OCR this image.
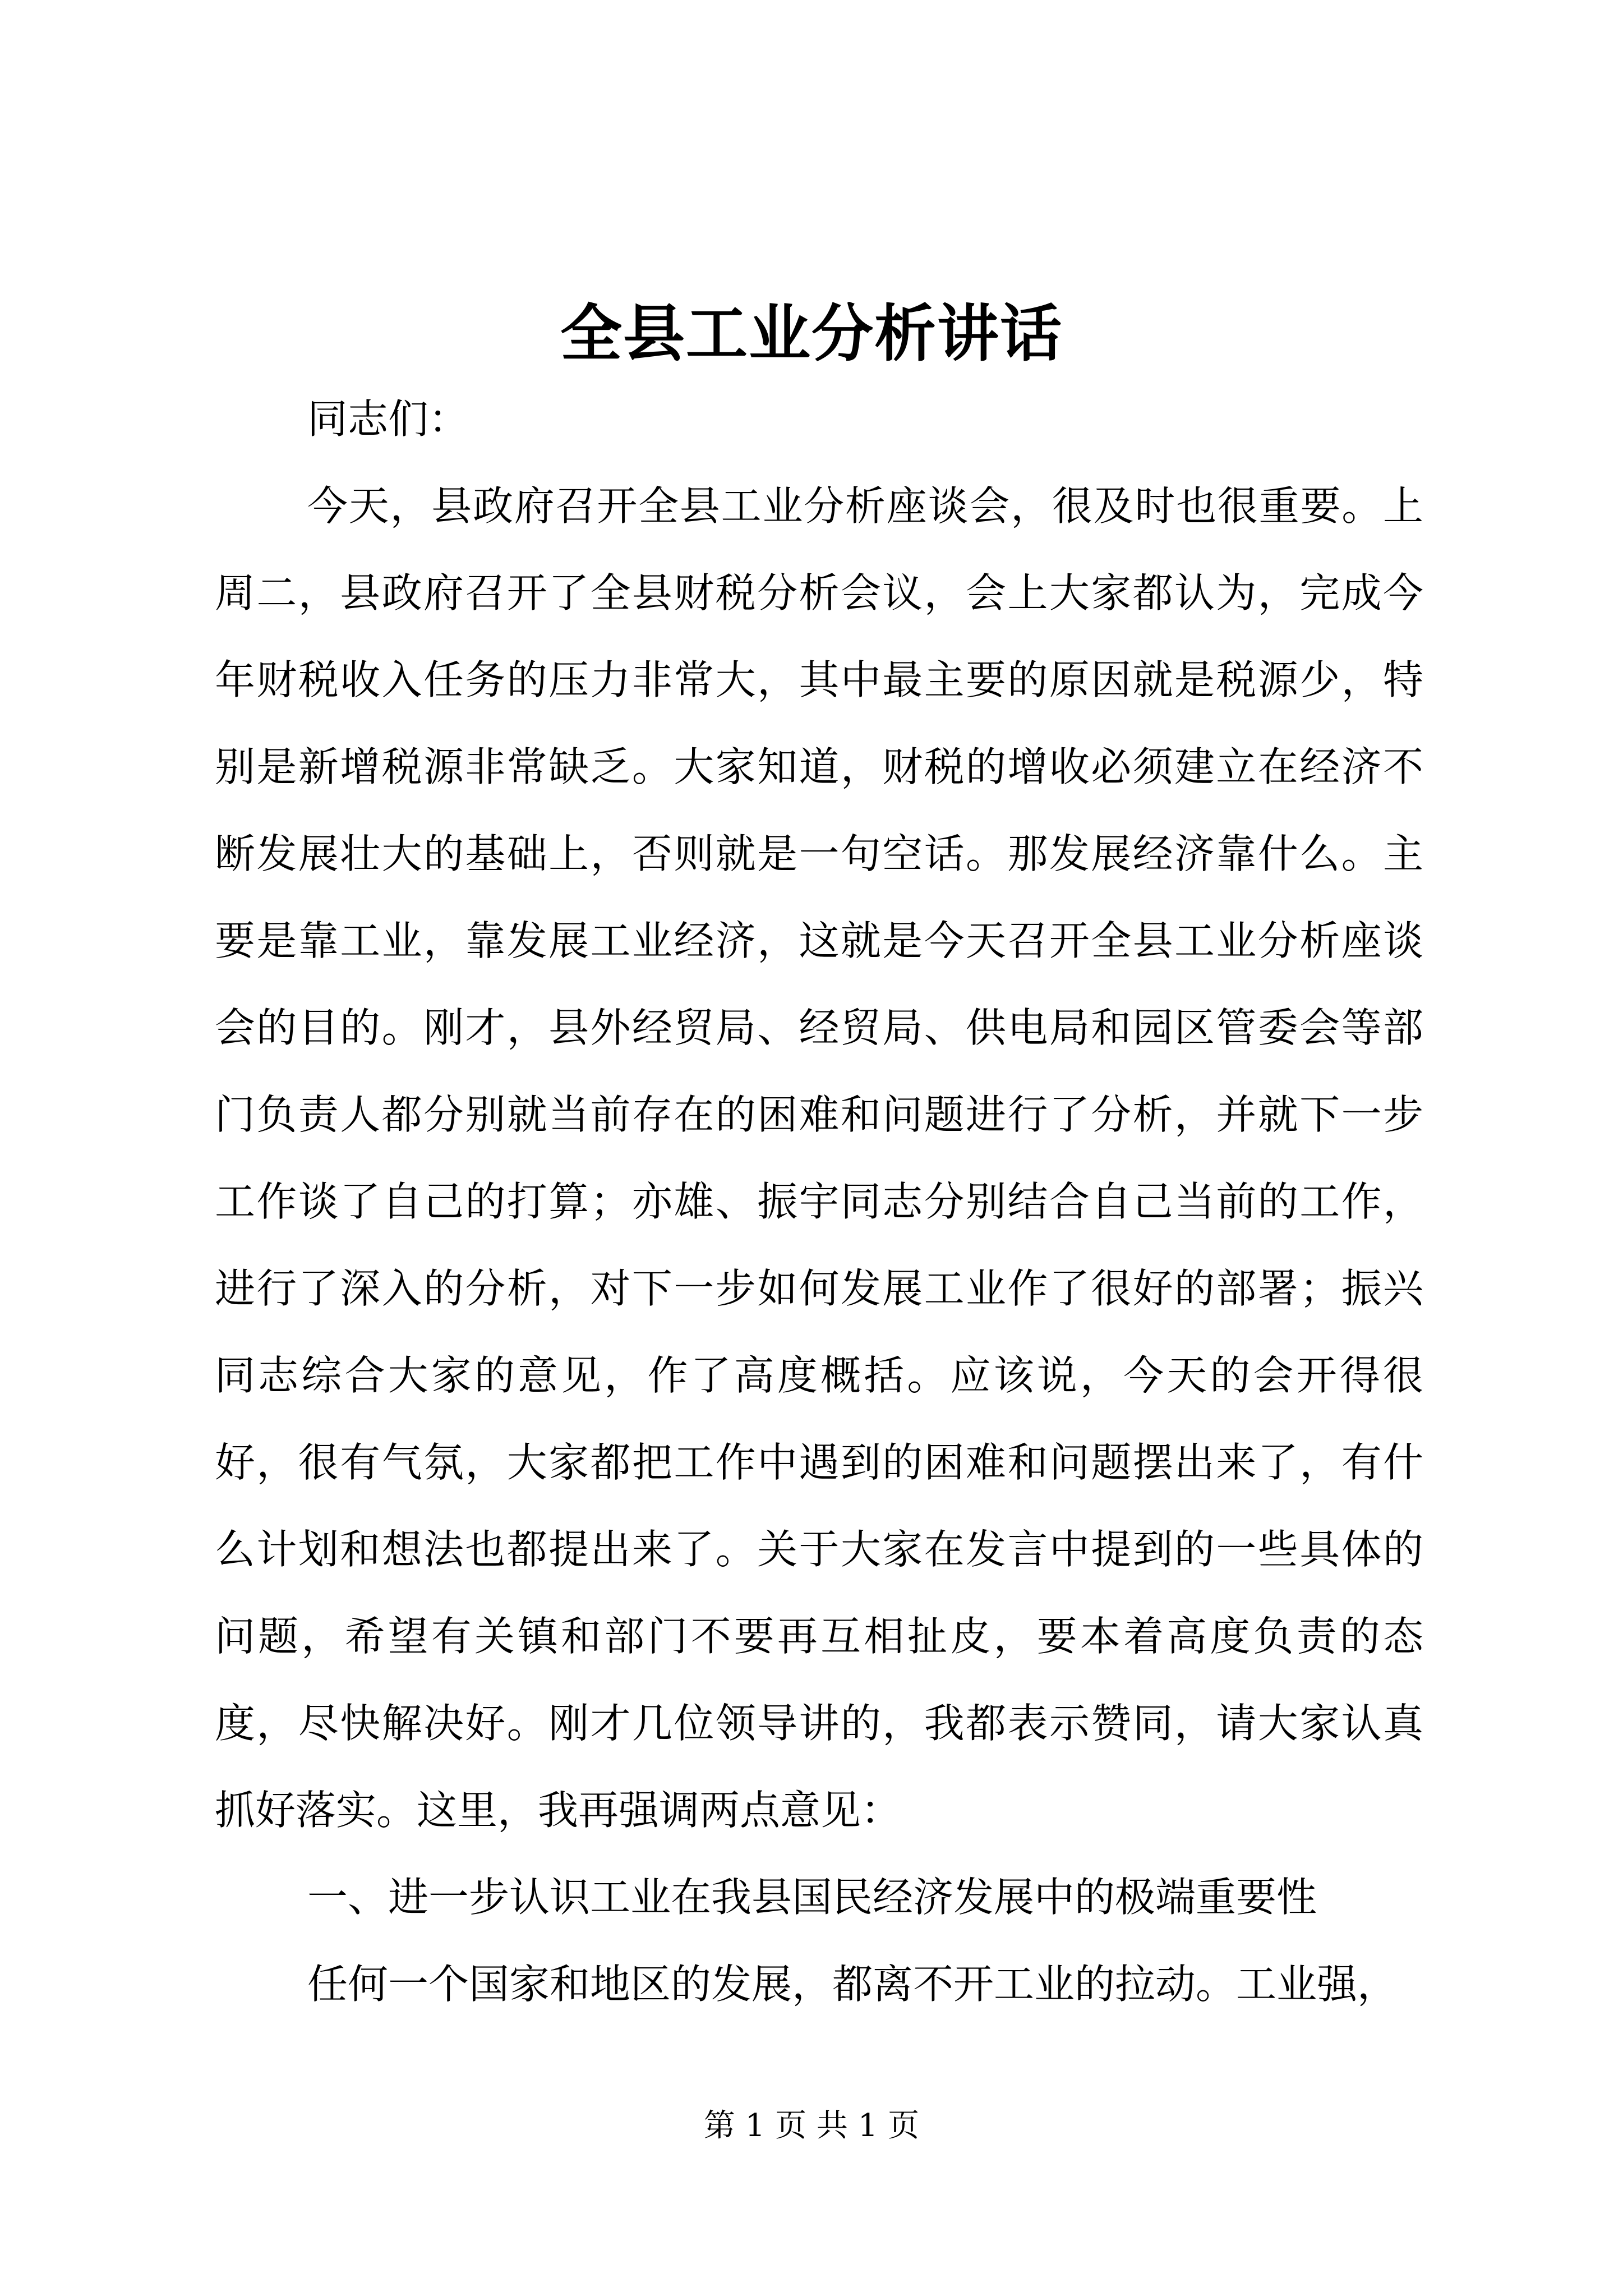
全县工业分析讲话

同志们：

今天，县政府召开全县工业分析座谈会，很及时也很重要。上周二，县政府召开了全县财税分析会议，会上大家都认为，完成今年财税收入任务的压力非常大，其中最主要的原因就是税源少，特别是新增税源非常缺乏。大家知道，财税的增收必须建立在经济不断发展壮大的基础上，否则就是一句空话。那发展经济靠什么。主要是靠工业，靠发展工业经济，这就是今天召开全县工业分析座谈会的目的。刚才，县外经贸局、经贸局、供电局和园区管委会等部门负责人都分别就当前存在的困难和问题进行了分析，并就下一步工作谈了自己的打算；亦雄、振宇同志分别结合自己当前的工作，进行了深入的分析，对下一步如何发展工业作了很好的部署；振兴同志综合大家的意见，作了高度概括。应该说，今天的会开得很好，很有气氛，大家都把工作中遇到的困难和问题摆出来了，有什么计划和想法也都提出来了。关于大家在发言中提到的一些具体的问题，希望有关镇和部门不要再互相扯皮，要本着高度负责的态度，尽快解决好。刚才几位领导讲的，我都表示赞同，请大家认真抓好落实。这里，我再强调两点意见：

一、进一步认识工业在我县国民经济发展中的极端重要性

任何一个国家和地区的发展，都离不开工业的拉动。工业强，

第 1 页 共 1 页
